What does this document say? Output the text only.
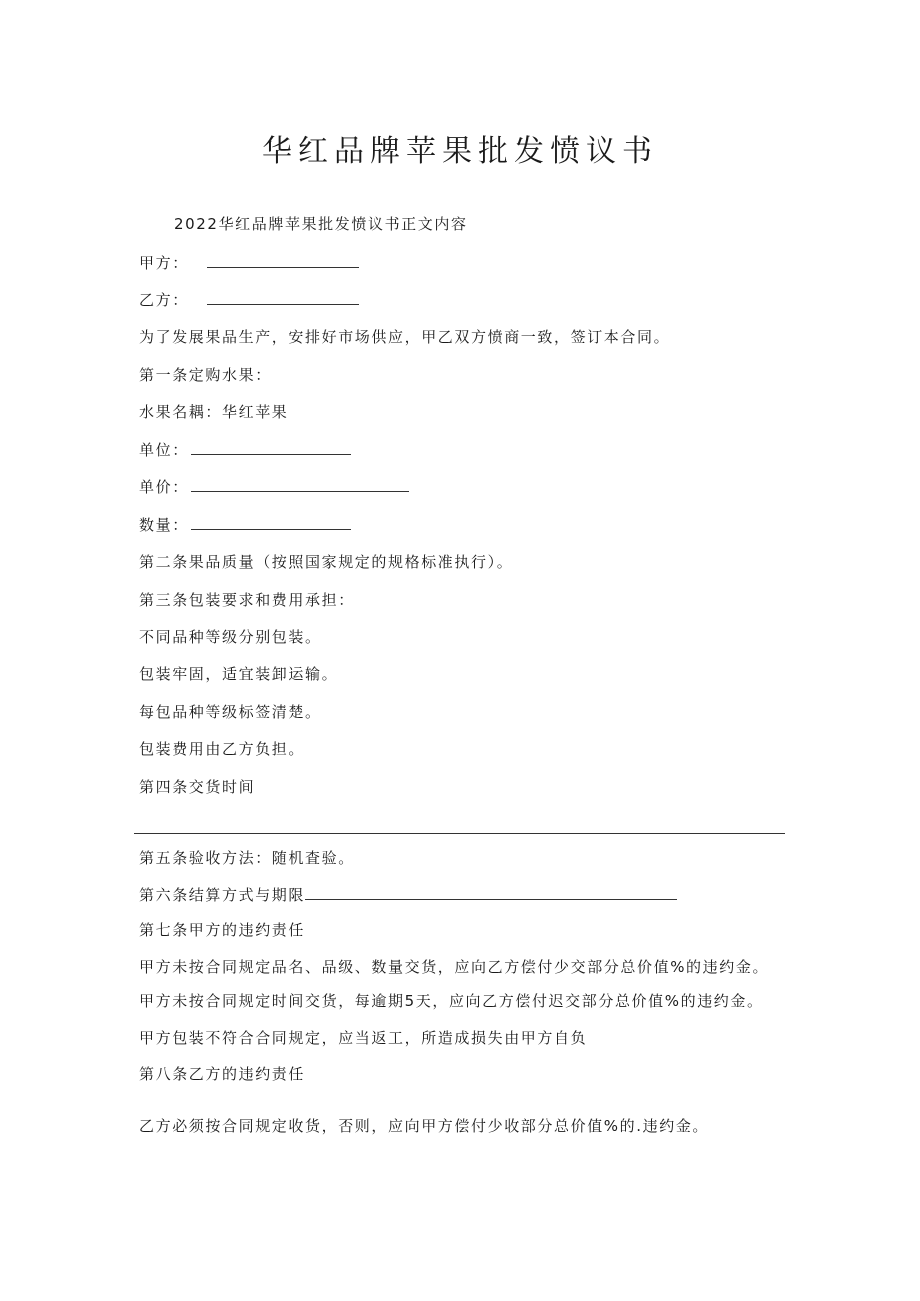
华红品牌苹果批发愤议书
2022华红品牌苹果批发愤议书正文内容
甲方：
乙方：
为了发展果品生产，安排好市场供应，甲乙双方愤商一致，签订本合同。
第一条定购水果：
水果名耦：华红苹果
单位：
单价：
数量：
第二条果品质量（按照国家规定的规格标准执行）。
第三条包装要求和费用承担：
不同品种等级分别包装。
包装牢固，适宜装卸运输。
每包品种等级标签清楚。
包装费用由乙方负担。
第四条交货时间
第五条验收方法：随机査验。
第六条结算方式与期限
第七条甲方的违约责任
甲方未按合同规定品名、品级、数量交货，应向乙方偿付少交部分总价值%的违约金。
甲方未按合同规定时间交货，每逾期5天，应向乙方偿付迟交部分总价值%的违约金。
甲方包装不符合合同规定，应当返工，所造成损失由甲方自负
第八条乙方的违约责任
乙方必须按合同规定收货，否则，应向甲方偿付少收部分总价值%的.违约金。
